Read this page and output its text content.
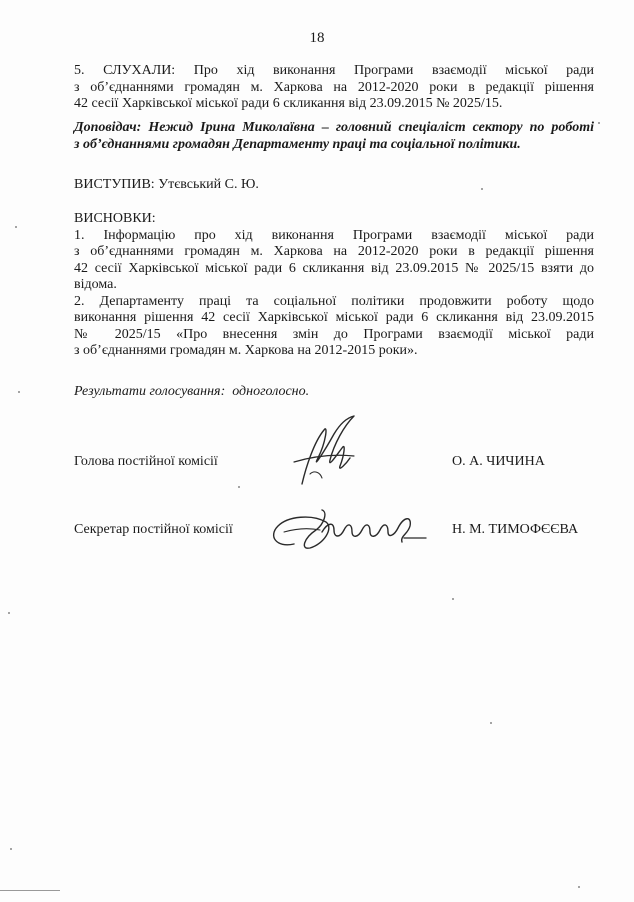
18
5. СЛУХАЛИ: Про хід виконання Програми взаємодії міської ради
з об’єднаннями громадян м. Харкова на 2012-2020 роки в редакції рішення
42 сесії Харківської міської ради 6 скликання від 23.09.2015 № 2025/15.
Доповідач: Нежид Ірина Миколаївна – головний спеціаліст сектору по роботі
з об’єднаннями громадян Департаменту праці та соціальної політики.
ВИСТУПИВ: Утєвський С. Ю.
ВИСНОВКИ:
1. Інформацію про хід виконання Програми взаємодії міської ради
з об’єднаннями громадян м. Харкова на 2012-2020 роки в редакції рішення
42 сесії Харківської міської ради 6 скликання від 23.09.2015 № 2025/15 взяти до
відома.
2. Департаменту праці та соціальної політики продовжити роботу щодо
виконання рішення 42 сесії Харківської міської ради 6 скликання від 23.09.2015
№ 2025/15 «Про внесення змін до Програми взаємодії міської ради
з об’єднаннями громадян м. Харкова на 2012-2015 роки».
Результати голосування: одноголосно.
Голова постійної комісії	О. А. ЧИЧИНА
Секретар постійної комісії	Н. М. ТИМОФЄЄВА
